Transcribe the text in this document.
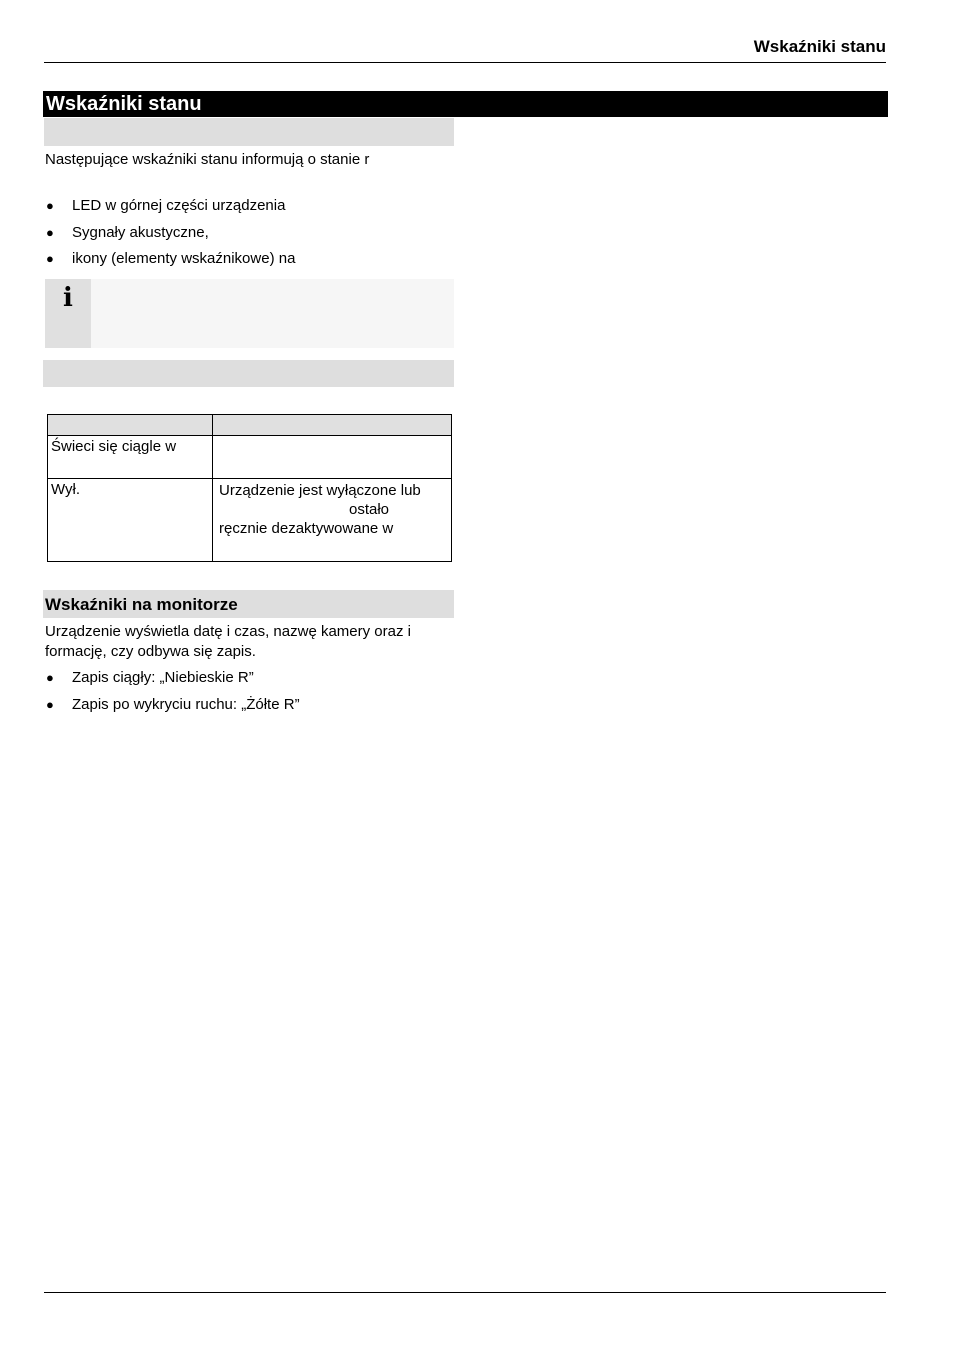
Wskaźniki stanu
Wskaźniki stanu
Następujące wskaźniki stanu informują o stanie r
● LED w górnej części urządzenia
● Sygnały akustyczne,
● ikony (elementy wskaźnikowe) na
i

Świeci się ciągle w	

Wył.	Urządzenie jest wyłączone lub
ostało
ręcznie dezaktywowane w
Wskaźniki na monitorze
Urządzenie wyświetla datę i czas, nazwę kamery oraz i
formację, czy odbywa się zapis.
● Zapis ciągły: „Niebieskie R”
● Zapis po wykryciu ruchu: „Żółte R”
